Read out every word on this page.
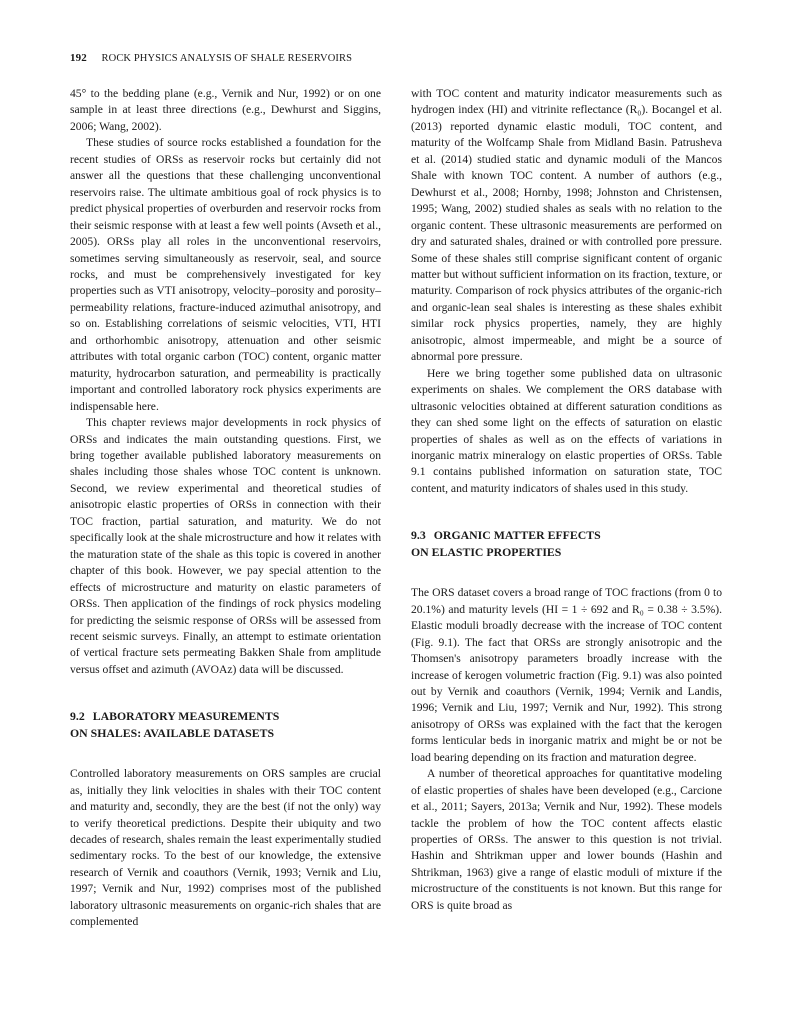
192 ROCK PHYSICS ANALYSIS OF SHALE RESERVOIRS

45° to the bedding plane (e.g., Vernik and Nur, 1992) or on one sample in at least three directions (e.g., Dewhurst and Siggins, 2006; Wang, 2002).

These studies of source rocks established a foundation for the recent studies of ORSs as reservoir rocks but certainly did not answer all the questions that these challenging unconventional reservoirs raise. The ultimate ambitious goal of rock physics is to predict physical properties of overburden and reservoir rocks from their seismic response with at least a few well points (Avseth et al., 2005). ORSs play all roles in the unconventional reservoirs, sometimes serving simultaneously as reservoir, seal, and source rocks, and must be comprehensively investigated for key properties such as VTI anisotropy, velocity–porosity and porosity–permeability relations, fracture-induced azimuthal anisotropy, and so on. Establishing correlations of seismic velocities, VTI, HTI and orthorhombic anisotropy, attenuation and other seismic attributes with total organic carbon (TOC) content, organic matter maturity, hydrocarbon saturation, and permeability is practically important and controlled laboratory rock physics experiments are indispensable here.

This chapter reviews major developments in rock physics of ORSs and indicates the main outstanding questions. First, we bring together available published laboratory measurements on shales including those shales whose TOC content is unknown. Second, we review experimental and theoretical studies of anisotropic elastic properties of ORSs in connection with their TOC fraction, partial saturation, and maturity. We do not specifically look at the shale microstructure and how it relates with the maturation state of the shale as this topic is covered in another chapter of this book. However, we pay special attention to the effects of microstructure and maturity on elastic parameters of ORSs. Then application of the findings of rock physics modeling for predicting the seismic response of ORSs will be assessed from recent seismic surveys. Finally, an attempt to estimate orientation of vertical fracture sets permeating Bakken Shale from amplitude versus offset and azimuth (AVOAz) data will be discussed.

9.2 LABORATORY MEASUREMENTS
ON SHALES: AVAILABLE DATASETS

Controlled laboratory measurements on ORS samples are crucial as, initially they link velocities in shales with their TOC content and maturity and, secondly, they are the best (if not the only) way to verify theoretical predictions. Despite their ubiquity and two decades of research, shales remain the least experimentally studied sedimentary rocks. To the best of our knowledge, the extensive research of Vernik and coauthors (Vernik, 1993; Vernik and Liu, 1997; Vernik and Nur, 1992) comprises most of the published laboratory ultrasonic measurements on organic-rich shales that are complemented

with TOC content and maturity indicator measurements such as hydrogen index (HI) and vitrinite reflectance (R₀). Bocangel et al. (2013) reported dynamic elastic moduli, TOC content, and maturity of the Wolfcamp Shale from Midland Basin. Patrusheva et al. (2014) studied static and dynamic moduli of the Mancos Shale with known TOC content. A number of authors (e.g., Dewhurst et al., 2008; Hornby, 1998; Johnston and Christensen, 1995; Wang, 2002) studied shales as seals with no relation to the organic content. These ultrasonic measurements are performed on dry and saturated shales, drained or with controlled pore pressure. Some of these shales still comprise significant content of organic matter but without sufficient information on its fraction, texture, or maturity. Comparison of rock physics attributes of the organic-rich and organic-lean seal shales is interesting as these shales exhibit similar rock physics properties, namely, they are highly anisotropic, almost impermeable, and might be a source of abnormal pore pressure.

Here we bring together some published data on ultrasonic experiments on shales. We complement the ORS database with ultrasonic velocities obtained at different saturation conditions as they can shed some light on the effects of saturation on elastic properties of shales as well as on the effects of variations in inorganic matrix mineralogy on elastic properties of ORSs. Table 9.1 contains published information on saturation state, TOC content, and maturity indicators of shales used in this study.

9.3 ORGANIC MATTER EFFECTS
ON ELASTIC PROPERTIES

The ORS dataset covers a broad range of TOC fractions (from 0 to 20.1%) and maturity levels (HI = 1 ÷ 692 and R₀ = 0.38 ÷ 3.5%). Elastic moduli broadly decrease with the increase of TOC content (Fig. 9.1). The fact that ORSs are strongly anisotropic and the Thomsen's anisotropy parameters broadly increase with the increase of kerogen volumetric fraction (Fig. 9.1) was also pointed out by Vernik and coauthors (Vernik, 1994; Vernik and Landis, 1996; Vernik and Liu, 1997; Vernik and Nur, 1992). This strong anisotropy of ORSs was explained with the fact that the kerogen forms lenticular beds in inorganic matrix and might be or not be load bearing depending on its fraction and maturation degree.

A number of theoretical approaches for quantitative modeling of elastic properties of shales have been developed (e.g., Carcione et al., 2011; Sayers, 2013a; Vernik and Nur, 1992). These models tackle the problem of how the TOC content affects elastic properties of ORSs. The answer to this question is not trivial. Hashin and Shtrikman upper and lower bounds (Hashin and Shtrikman, 1963) give a range of elastic moduli of mixture if the microstructure of the constituents is not known. But this range for ORS is quite broad as
